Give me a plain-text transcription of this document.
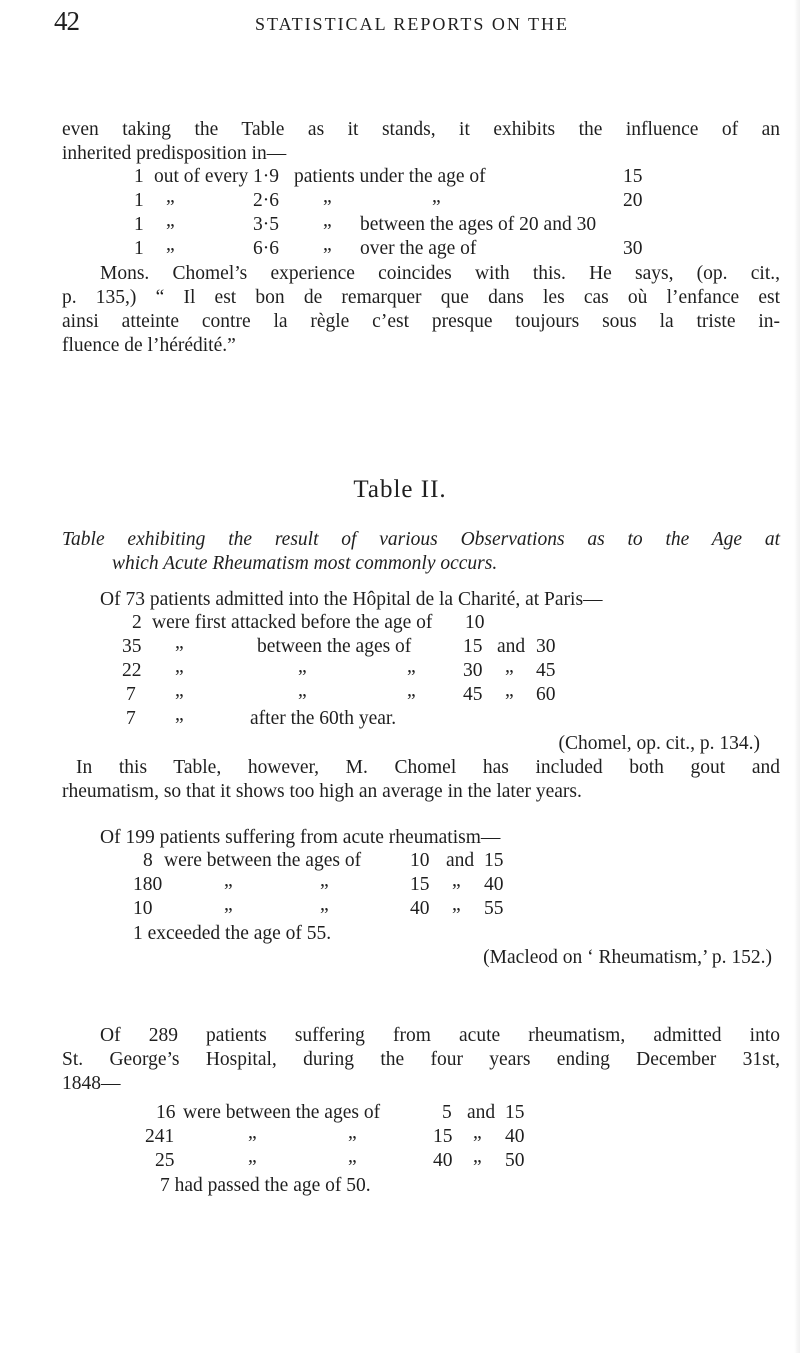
42	STATISTICAL REPORTS ON THE
even taking the Table as it stands, it exhibits the influence of an
inherited predisposition in—
1 out of every 1·9 patients under the age of	15
1 „	2·6 „	„	20
1 „	3·5 „ between the ages of 20 and 30
1 „	6·6 „ over the age of	30
Mons. Chomel’s experience coincides with this. He says, (op. cit.,
p. 135,) “ Il est bon de remarquer que dans les cas où l’enfance est
ainsi atteinte contre la règle c’est presque toujours sous la triste in-
fluence de l’hérédité.”
Table II.
Table exhibiting the result of various Observations as to the Age at
which Acute Rheumatism most commonly occurs.
Of 73 patients admitted into the Hôpital de la Charité, at Paris—
2 were first attacked before the age of 10
35 „	between the ages of	15 and 30
22 „	„	„ 30 „ 45
7 „	„	„ 45 „ 60
7 „	after the 60th year.
(Chomel, op. cit., p. 134.)
In this Table, however, M. Chomel has included both gout and
rheumatism, so that it shows too high an average in the later years.
Of 199 patients suffering from acute rheumatism—
8 were between the ages of	10 and 15
180	„	„	15 „ 40
10	„	„	40 „ 55
1 exceeded the age of 55.
(Macleod on ‘ Rheumatism,’ p. 152.)
Of 289 patients suffering from acute rheumatism, admitted into
St. George’s Hospital, during the four years ending December 31st,
1848—
16 were between the ages of	5 and 15
241	„	„	15 „ 40
25	„	„	40 „ 50
7 had passed the age of 50.
